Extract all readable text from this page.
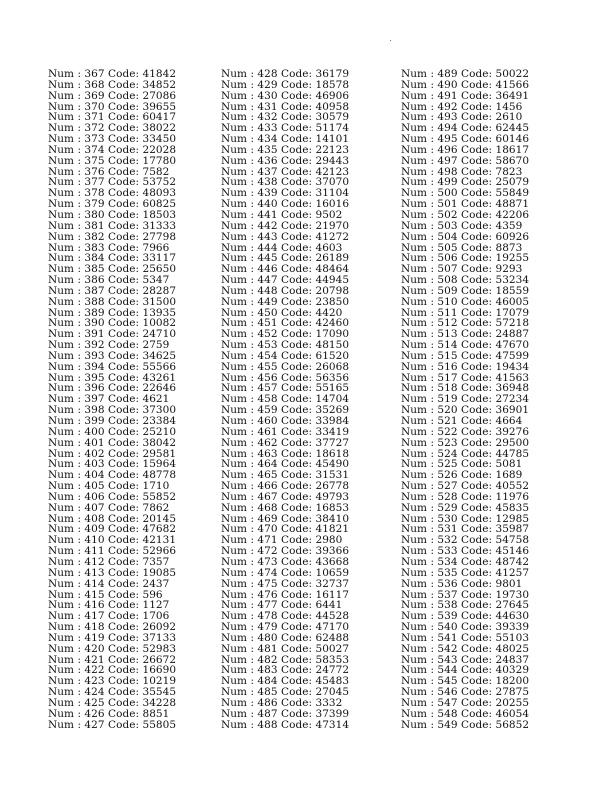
Num : 367 Code: 41842
Num : 368 Code: 34852
Num : 369 Code: 27086
Num : 370 Code: 39655
Num : 371 Code: 60417
Num : 372 Code: 38022
Num : 373 Code: 33450
Num : 374 Code: 22028
Num : 375 Code: 17780
Num : 376 Code: 7582
Num : 377 Code: 53752
Num : 378 Code: 48093
Num : 379 Code: 60825
Num : 380 Code: 18503
Num : 381 Code: 31333
Num : 382 Code: 27798
Num : 383 Code: 7966
Num : 384 Code: 33117
Num : 385 Code: 25650
Num : 386 Code: 5347
Num : 387 Code: 28287
Num : 388 Code: 31500
Num : 389 Code: 13935
Num : 390 Code: 10082
Num : 391 Code: 24710
Num : 392 Code: 2759
Num : 393 Code: 34625
Num : 394 Code: 55566
Num : 395 Code: 43261
Num : 396 Code: 22646
Num : 397 Code: 4621
Num : 398 Code: 37300
Num : 399 Code: 23384
Num : 400 Code: 25210
Num : 401 Code: 38042
Num : 402 Code: 29581
Num : 403 Code: 15964
Num : 404 Code: 48778
Num : 405 Code: 1710
Num : 406 Code: 55852
Num : 407 Code: 7862
Num : 408 Code: 20145
Num : 409 Code: 47682
Num : 410 Code: 42131
Num : 411 Code: 52966
Num : 412 Code: 7357
Num : 413 Code: 19085
Num : 414 Code: 2437
Num : 415 Code: 596
Num : 416 Code: 1127
Num : 417 Code: 1706
Num : 418 Code: 26092
Num : 419 Code: 37133
Num : 420 Code: 52983
Num : 421 Code: 26672
Num : 422 Code: 16690
Num : 423 Code: 10219
Num : 424 Code: 35545
Num : 425 Code: 34228
Num : 426 Code: 8851
Num : 427 Code: 55805
Num : 428 Code: 36179
Num : 429 Code: 18578
Num : 430 Code: 46906
Num : 431 Code: 40958
Num : 432 Code: 30579
Num : 433 Code: 51174
Num : 434 Code: 14101
Num : 435 Code: 22123
Num : 436 Code: 29443
Num : 437 Code: 42123
Num : 438 Code: 37070
Num : 439 Code: 31104
Num : 440 Code: 16016
Num : 441 Code: 9502
Num : 442 Code: 21970
Num : 443 Code: 41272
Num : 444 Code: 4603
Num : 445 Code: 26189
Num : 446 Code: 48464
Num : 447 Code: 44945
Num : 448 Code: 20798
Num : 449 Code: 23850
Num : 450 Code: 4420
Num : 451 Code: 42460
Num : 452 Code: 17090
Num : 453 Code: 48150
Num : 454 Code: 61520
Num : 455 Code: 26068
Num : 456 Code: 56356
Num : 457 Code: 55165
Num : 458 Code: 14704
Num : 459 Code: 35269
Num : 460 Code: 33984
Num : 461 Code: 33419
Num : 462 Code: 37727
Num : 463 Code: 18618
Num : 464 Code: 45490
Num : 465 Code: 31531
Num : 466 Code: 26778
Num : 467 Code: 49793
Num : 468 Code: 16853
Num : 469 Code: 38410
Num : 470 Code: 41821
Num : 471 Code: 2980
Num : 472 Code: 39366
Num : 473 Code: 43668
Num : 474 Code: 10659
Num : 475 Code: 32737
Num : 476 Code: 16117
Num : 477 Code: 6441
Num : 478 Code: 44528
Num : 479 Code: 47170
Num : 480 Code: 62488
Num : 481 Code: 50027
Num : 482 Code: 58353
Num : 483 Code: 24772
Num : 484 Code: 45483
Num : 485 Code: 27045
Num : 486 Code: 3332
Num : 487 Code: 37399
Num : 488 Code: 47314
Num : 489 Code: 50022
Num : 490 Code: 41566
Num : 491 Code: 36491
Num : 492 Code: 1456
Num : 493 Code: 2610
Num : 494 Code: 62445
Num : 495 Code: 60146
Num : 496 Code: 18617
Num : 497 Code: 58670
Num : 498 Code: 7823
Num : 499 Code: 25079
Num : 500 Code: 55849
Num : 501 Code: 48871
Num : 502 Code: 42206
Num : 503 Code: 4359
Num : 504 Code: 60926
Num : 505 Code: 8873
Num : 506 Code: 19255
Num : 507 Code: 9293
Num : 508 Code: 53234
Num : 509 Code: 18559
Num : 510 Code: 46005
Num : 511 Code: 17079
Num : 512 Code: 57218
Num : 513 Code: 24887
Num : 514 Code: 47670
Num : 515 Code: 47599
Num : 516 Code: 19434
Num : 517 Code: 41563
Num : 518 Code: 36948
Num : 519 Code: 27234
Num : 520 Code: 36901
Num : 521 Code: 4664
Num : 522 Code: 39276
Num : 523 Code: 29500
Num : 524 Code: 44785
Num : 525 Code: 5081
Num : 526 Code: 1689
Num : 527 Code: 40552
Num : 528 Code: 11976
Num : 529 Code: 45835
Num : 530 Code: 12985
Num : 531 Code: 35987
Num : 532 Code: 54758
Num : 533 Code: 45146
Num : 534 Code: 48742
Num : 535 Code: 41257
Num : 536 Code: 9801
Num : 537 Code: 19730
Num : 538 Code: 27645
Num : 539 Code: 44630
Num : 540 Code: 39339
Num : 541 Code: 55103
Num : 542 Code: 48025
Num : 543 Code: 24837
Num : 544 Code: 40329
Num : 545 Code: 18200
Num : 546 Code: 27875
Num : 547 Code: 20255
Num : 548 Code: 46054
Num : 549 Code: 56852
